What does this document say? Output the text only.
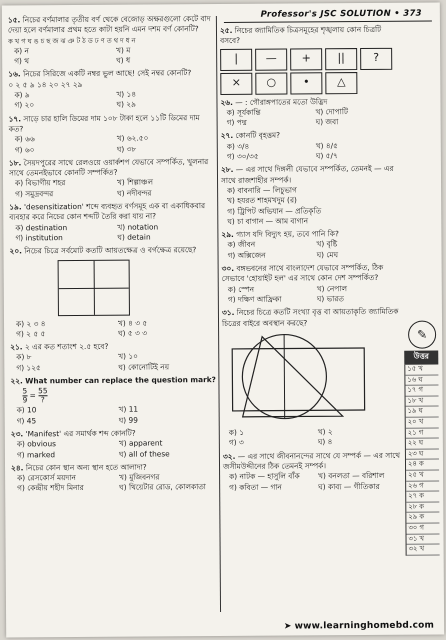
Professor's JSC SOLUTION • 373
১৫. নিচের বর্ণমালার তৃতীয় বর্ণ থেকে বেজোড় অক্ষরগুলো কেটে বাদ দেয়া হলে বর্ণমালার প্রথম হতে কাটা হয়নি এমন দশম বর্ণ কোনটি?
ক খ গ ঘ ঙ চ ছ জ ঝ ঞ ট ঠ ড ঢ ণ ত থ দ ধ ন
ক) ন	খ) ম
গ) থ	ঘ) ধ
১৬. নিচের সিরিজে একটি নম্বর ভুল আছে! সেই নম্বর কোনটি?
০ ২ ৫ ৯ ১৪ ২০ ২৭ ২৯
ক) ৯	খ) ১৪
গ) ২০	ঘ) ২৯
১৭. সাড়ে চার হালি ডিমের দাম ১০৮ টাকা হলে ১১টি ডিমের দাম কত?
ক) ৬৬	খ) ৬২.৫০
গ) ৬০	ঘ) ৩৮
১৮. সৈয়দপুরের সাথে রেলওয়ে ওয়ার্কশপ যেভাবে সম্পর্কিত, খুলনার সাথে তেমনইভাবে কোনটি সম্পর্কিত?
ক) বিভাগীয় শহর	খ) শিল্পাঞ্চল
গ) সমুদ্রবন্দর	ঘ) নদীবন্দর
১৯. 'desensitization' শব্দে ব্যবহৃত বর্ণসমূহ এক বা একাধিকবার ব্যবহার করে নিচের কোন শব্দটি তৈরি করা যায় না?
ক) destination	খ) notation
গ) institution	ঘ) detain
২০. নিচের চিত্রে সর্বমোট কতটি আয়তক্ষেত্র ও বর্গক্ষেত্র রয়েছে?
ক) ২ ৩ ৪	খ) ৪ ৩ ৫
গ) ২ ৫ ৫	ঘ) ৫ ৩ ৩
২১. ২ এর কত শতাংশ ২.৫ হবে?
ক) ৮	খ) ১০
গ) ১২৫	ঘ) কোনোটিই নয়
২২. What number can replace the question mark?
$\frac{5}{9} = \frac{55}{?}$
ক) 10	খ) 11
গ) 45	ঘ) 99
২৩. 'Manifest' এর সমার্থক শব্দ কোনটি?
ক) obvious	খ) apparent
গ) marked	ঘ) all of these
২৪. নিচের কোন স্থান অন্য স্থান হতে আলাদা?
ক) রেসকোর্স ময়দান	খ) মুজিবনগর
গ) কেন্দ্রীয় শহীদ মিনার	ঘ) থিয়েটার রোড, কোলকাতা
২৫. নিচের জ্যামিতিক চিত্রসমূহের শৃঙ্খলায় কোন চিত্রটি বসবে?
|	—	+	||	?
×	○	•	△
২৬. — : গৌরাঙ্গপাতের মতো উদ্ভিদ
ক) সূর্যকান্তি	খ) দোপাটি
গ) পদ্ম	ঘ) জবা
২৭. কোনটি বৃহত্তম?
ক) ৩/৪	খ) ৪/৫
গ) ৩০/৩৫	ঘ) ৫/৭
২৮. — এর সাথে দিঙ্গলী যেভাবে সম্পর্কিত, তেমনই — এর সাথে রাজশাহীর সম্পর্ক।
ক) বাবনারি — লিচুভাগ
খ) হযরত শাহমখদুম (র)
গ) ট্রিপিট অভিযান — প্রতিকৃতি
ঘ) চা বাগান — আম বাগান
২৯. গ্যাস যদি বিদ্যুৎ হয়, তবে পানি কি?
ক) জীবন	খ) বৃষ্টি
গ) অক্সিজেন	ঘ) মেঘ
৩০. বঙ্গভবনের সাথে বাংলাদেশ যেভাবে সম্পর্কিত, ঠিক সেভাবে 'হোয়াইট হল' এর সাথে কোন দেশ সম্পর্কিত?
ক) স্পেন	খ) নেপাল
গ) দক্ষিণ আফ্রিকা	ঘ) ভারত
৩১. নিচের চিত্রে কতটি সংখ্যা বৃত্ত বা আয়তাকৃতি জ্যামিতিক চিত্রের বাইরে অবস্থান করছে?
ক) ১	খ) ২
গ) ৩	ঘ) ৪
৩২. — এর সাথে জীবনানন্দের সাথে যে সম্পর্ক — এর সাথে জসীমউদ্দীনের ঠিক তেমনই সম্পর্ক।
ক) নাটক — হাসুলি বাঁক	খ) বনলতা — বরিশাল
গ) কবিতা — গান	ঘ) কাব্য — গীতিকার
✎
উত্তর
১৫ খ
১৬ ঘ
১৭ গ
১৮ খ
১৯ ঘ
২০ খ
২১ গ
২২ ঘ
২৩ ঘ
২৪ ক
২৫ খ
২৬ গ
২৭ ক
২৮ ক
২৯ ক
৩০ গ
৩১ খ
৩২ খ
➤ www.learninghomebd.com
